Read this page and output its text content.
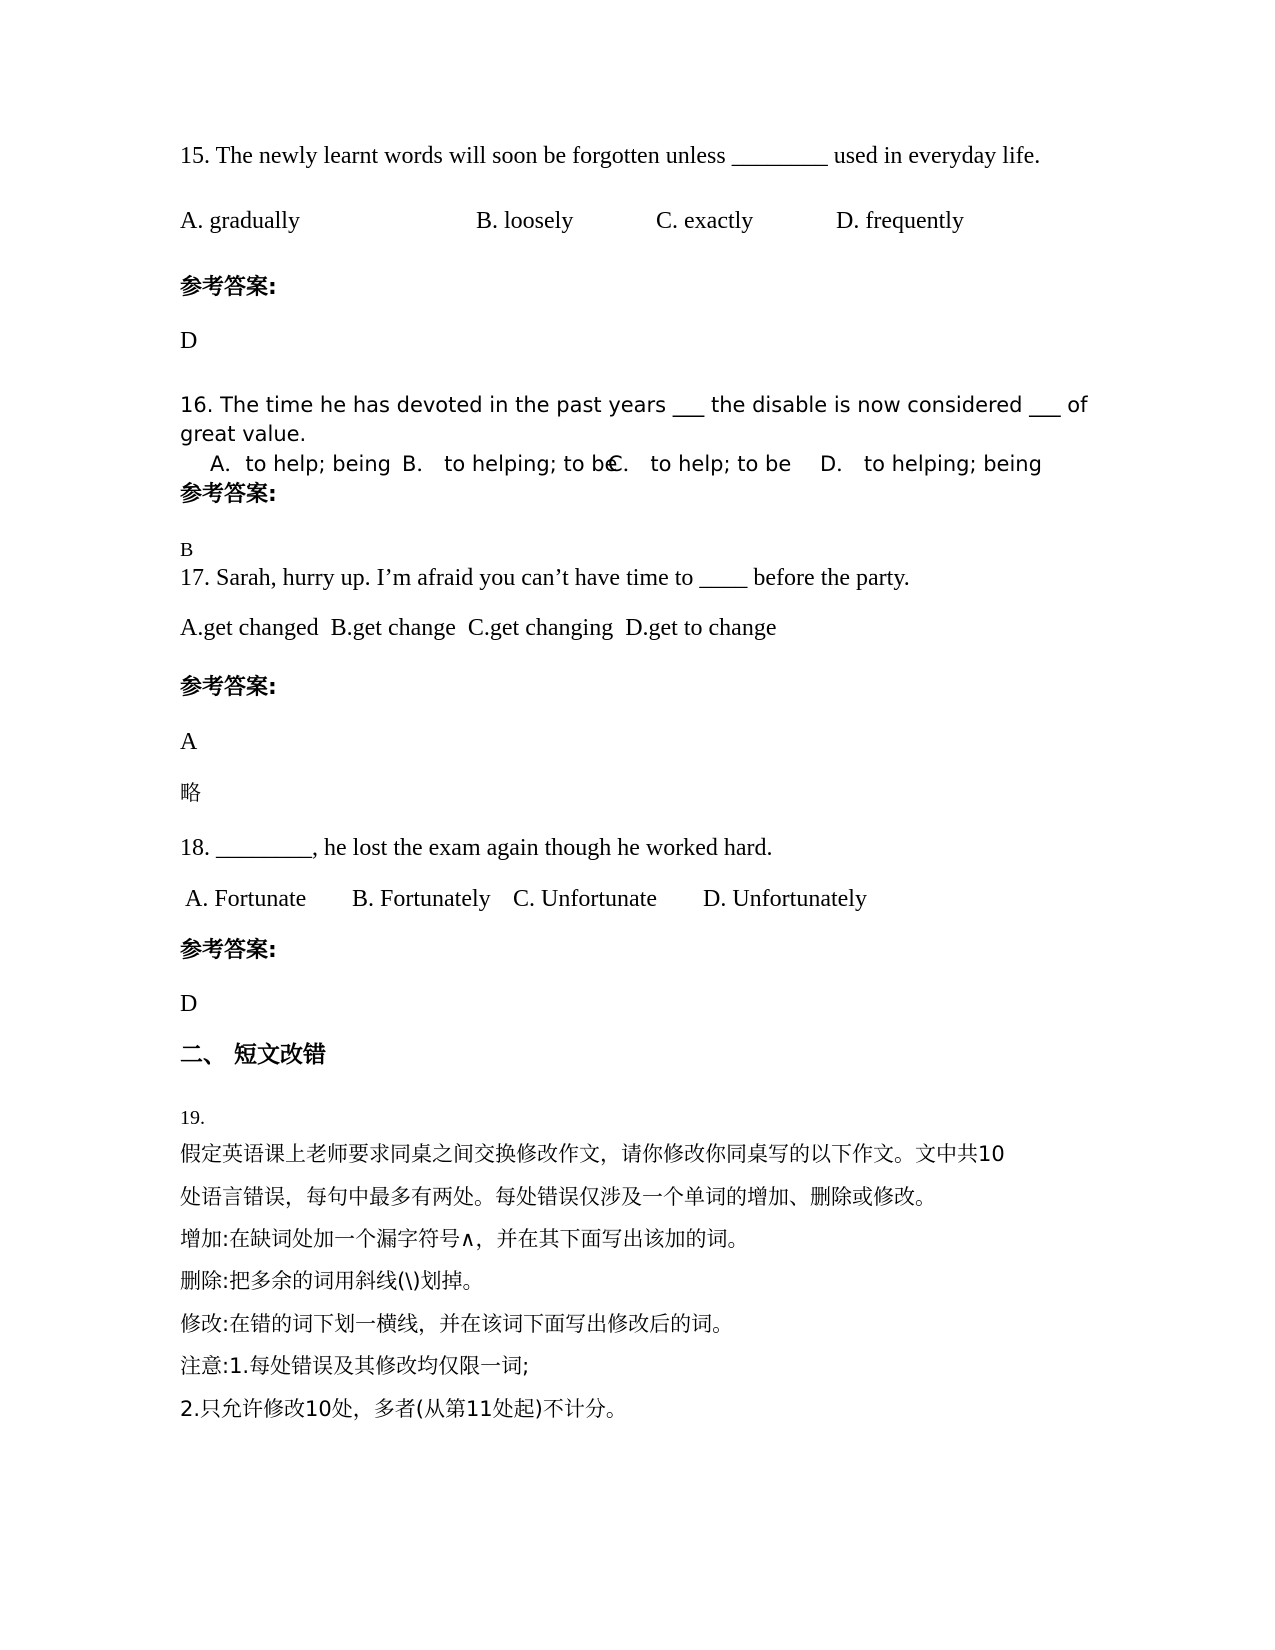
15. The newly learnt words will soon be forgotten unless ________ used in everyday life.
A. gradually	B. loosely	C. exactly	D. frequently
参考答案:
D
16. The time he has devoted in the past years ___ the disable is now considered ___ of
great value.
A．to help; being B． to helping; to be
C． to help; to be D． to helping; being
参考答案:
B
17. Sarah, hurry up. I’m afraid you can’t have time to ____ before the party.
A.get changed  B.get change  C.get changing  D.get to change
参考答案:
A
略
18. ________, he lost the exam again though he worked hard.
A. Fortunate B. Fortunately C. Unfortunate D. Unfortunately
参考答案:
D
二、 短文改错
19.
假定英语课上老师要求同桌之间交换修改作文，请你修改你同桌写的以下作文。文中共10
处语言错误，每句中最多有两处。每处错误仅涉及一个单词的增加、删除或修改。
增加:在缺词处加一个漏字符号∧，并在其下面写出该加的词。
删除:把多余的词用斜线(\)划掉。
修改:在错的词下划一横线，并在该词下面写出修改后的词。
注意:1.每处错误及其修改均仅限一词;
2.只允许修改10处，多者(从第11处起)不计分。
